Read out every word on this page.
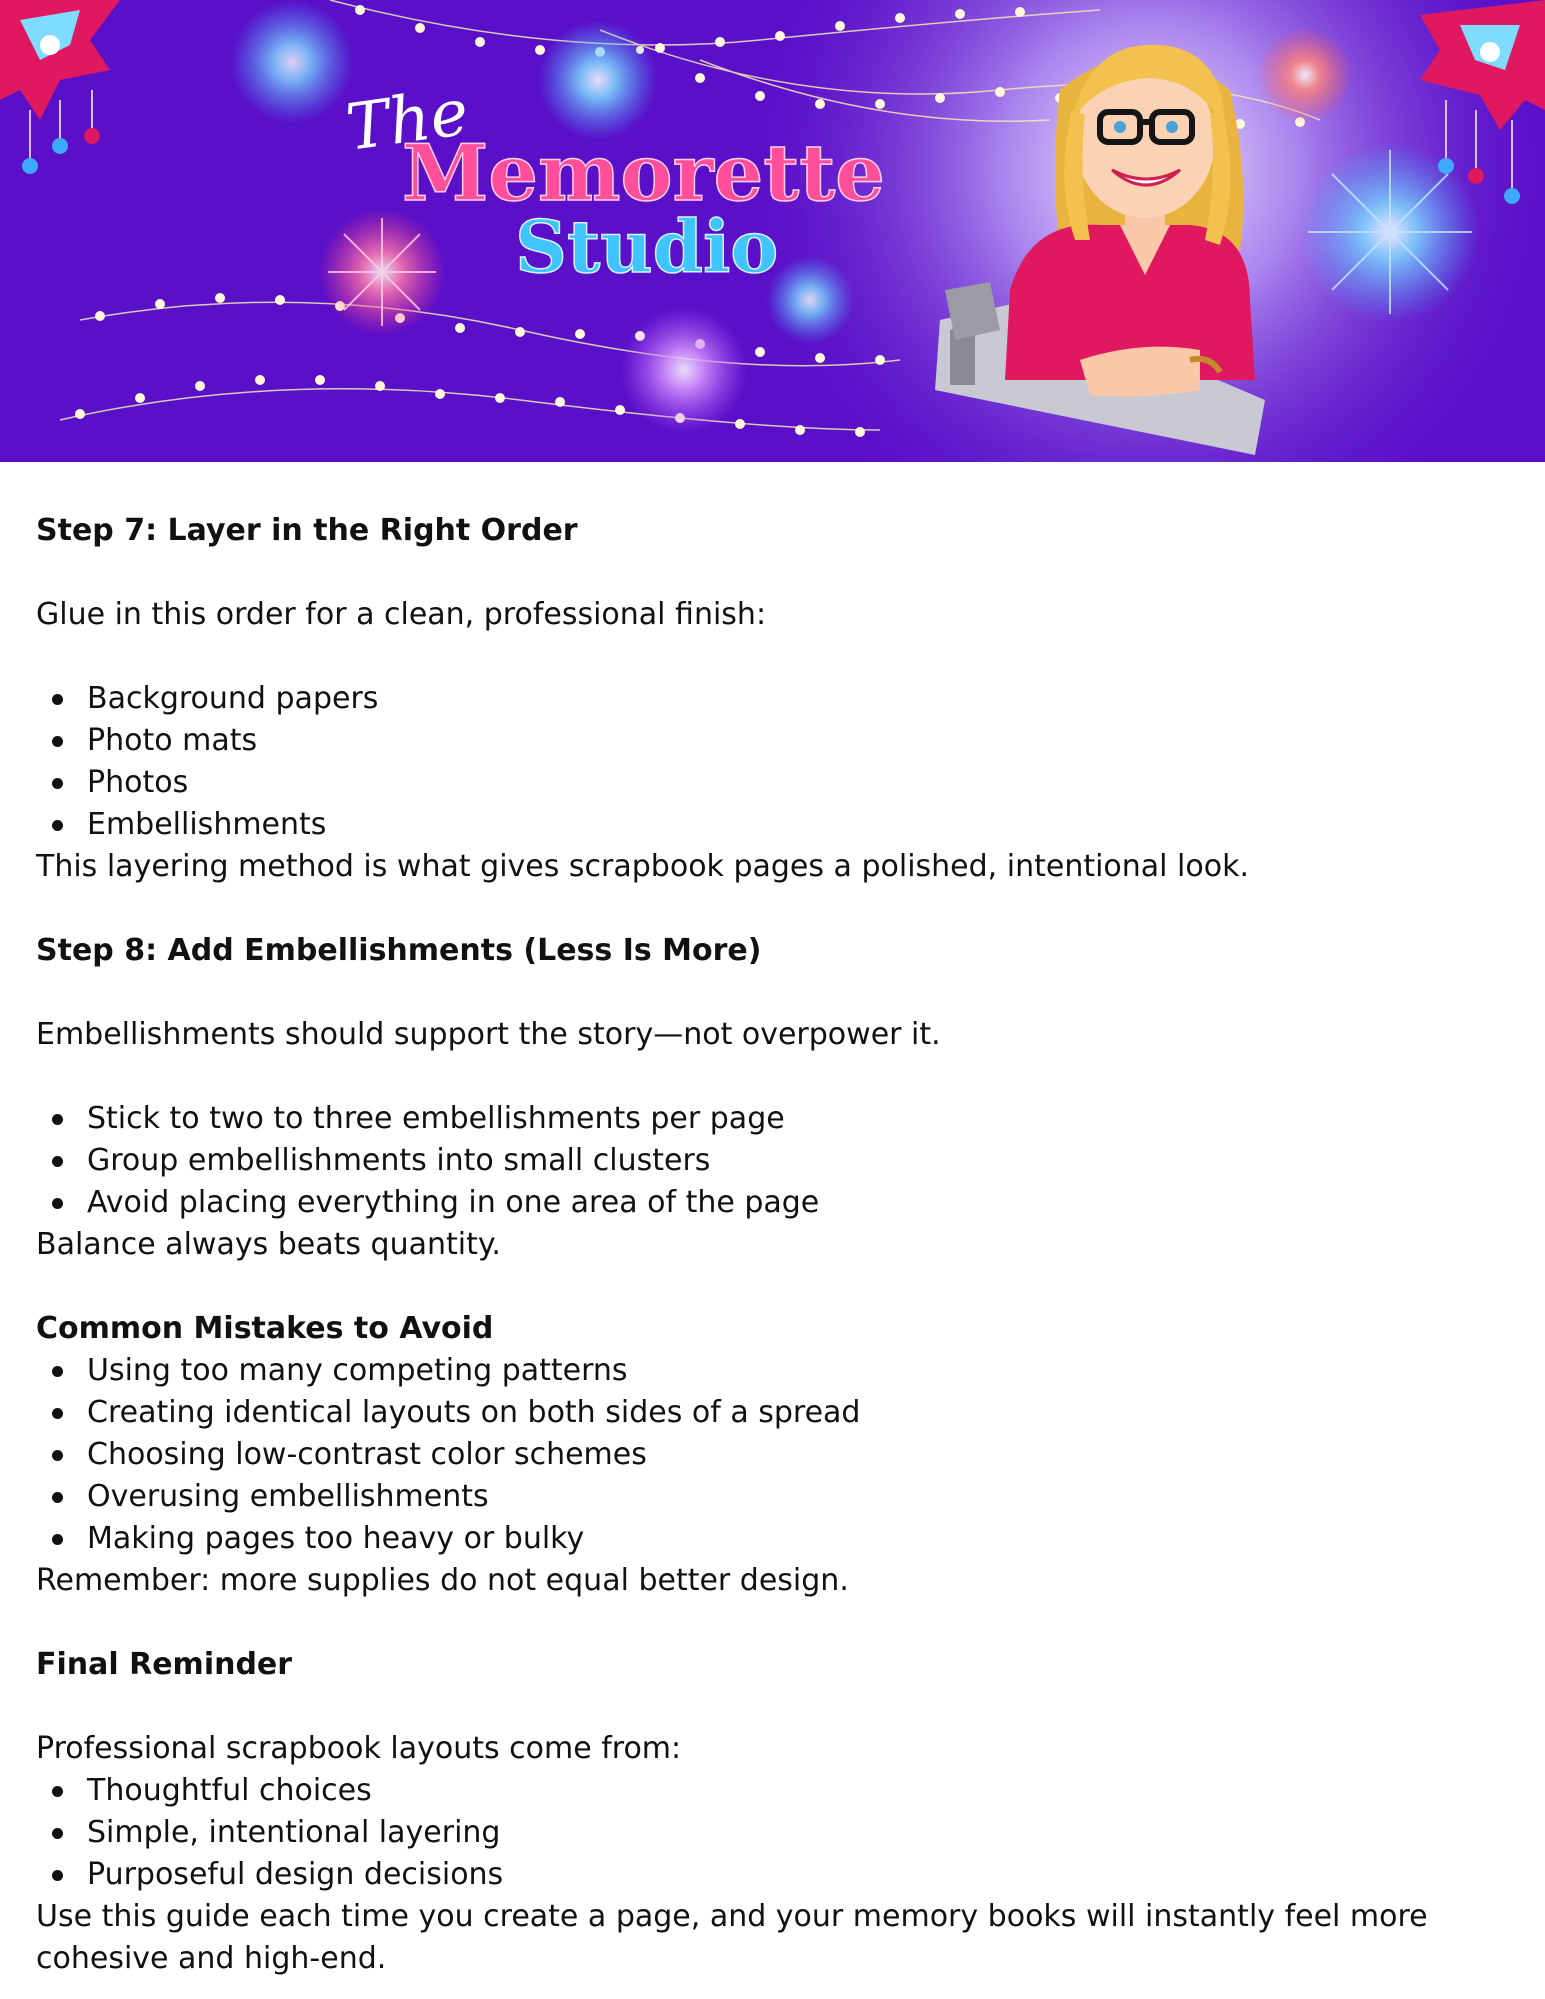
The
Memorette
Studio
Step 7: Layer in the Right Order

Glue in this order for a clean, professional finish:

Background papers
Photo mats
Photos
Embellishments

This layering method is what gives scrapbook pages a polished, intentional look.

Step 8: Add Embellishments (Less Is More)

Embellishments should support the story—not overpower it.

Stick to two to three embellishments per page
Group embellishments into small clusters
Avoid placing everything in one area of the page

Balance always beats quantity.

Common Mistakes to Avoid
Using too many competing patterns
Creating identical layouts on both sides of a spread
Choosing low-contrast color schemes
Overusing embellishments
Making pages too heavy or bulky

Remember: more supplies do not equal better design.

Final Reminder

Professional scrapbook layouts come from:

Thoughtful choices
Simple, intentional layering
Purposeful design decisions

Use this guide each time you create a page, and your memory books will instantly feel more

cohesive and high-end.
